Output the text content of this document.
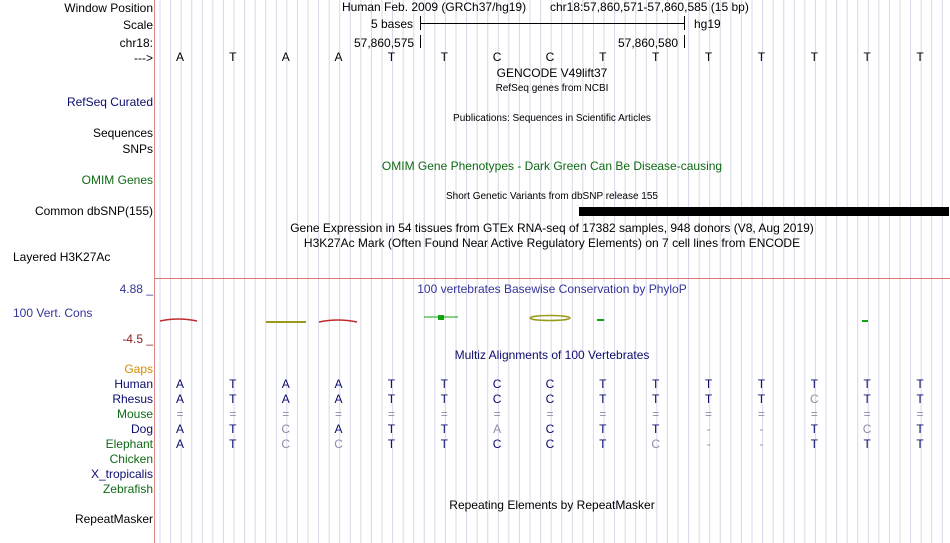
Window Position
Scale
chr18:
--->
RefSeq Curated
Sequences
SNPs
OMIM Genes
Common dbSNP(155)
Layered H3K27Ac
100 Vert. Cons
4.88 _
-4.5 _
Gaps
Human
Rhesus
Mouse
Dog
Elephant
Chicken
X_tropicalis
Zebrafish
RepeatMasker
Human Feb. 2009 (GRCh37/hg19) chr18:57,860,571-57,860,585 (15 bp)
5 bases	hg19
57,860,575	57,860,580
A	T	A	A	T	T	C	C	T	T	T	T	T	T	T
GENCODE V49lift37
RefSeq genes from NCBI
Publications: Sequences in Scientific Articles
OMIM Gene Phenotypes - Dark Green Can Be Disease-causing
Short Genetic Variants from dbSNP release 155
Gene Expression in 54 tissues from GTEx RNA-seq of 17382 samples, 948 donors (V8, Aug 2019)
H3K27Ac Mark (Often Found Near Active Regulatory Elements) on 7 cell lines from ENCODE
100 vertebrates Basewise Conservation by PhyloP
Multiz Alignments of 100 Vertebrates
A	T	A	A	T	T	C	C	T	T	T	T	T	T	T
A	T	A	A	T	T	C	C	T	T	T	T	C	T	T
=	=	=	=	=	=	=	=	=	=	=	=	=	=	=
A	T	C	A	T	T	A	C	T	T	-	-	T	C	T
A	T	C	C	T	T	C	C	T	C	-	-	T	T	T
Repeating Elements by RepeatMasker
